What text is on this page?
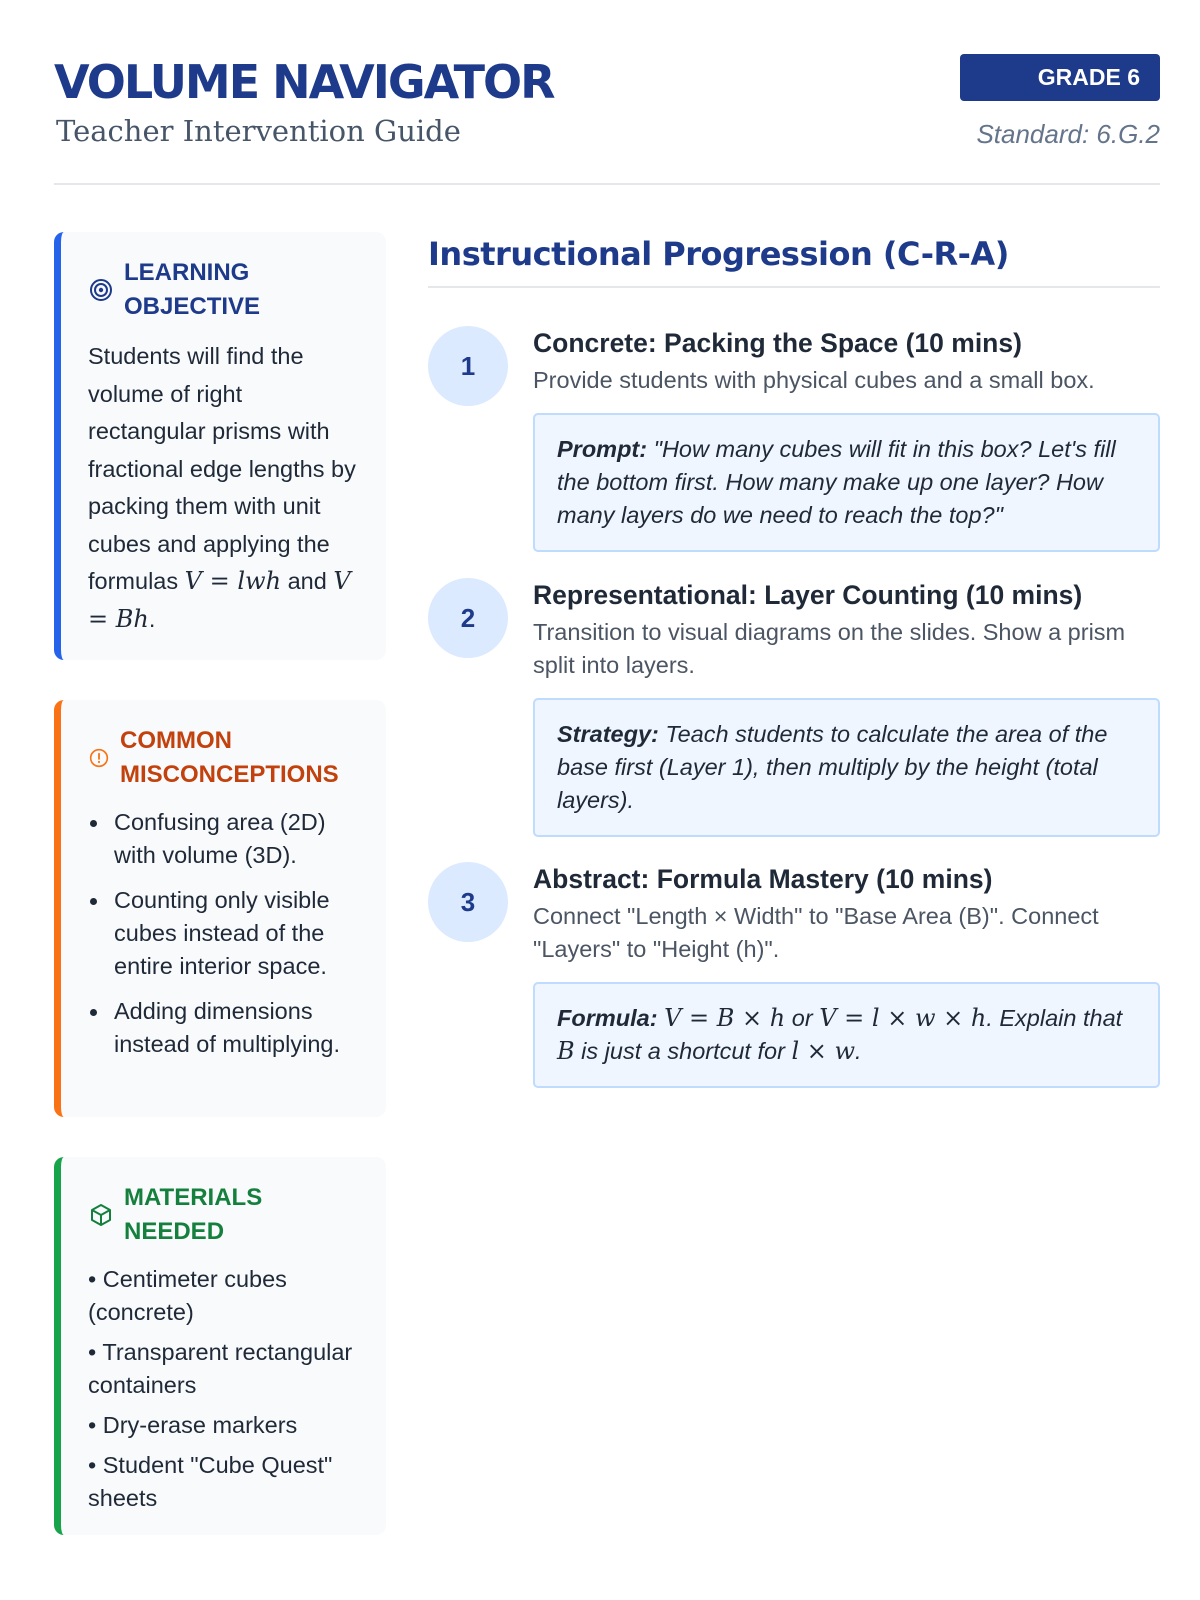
VOLUME NAVIGATOR
Teacher Intervention Guide
GRADE 6
Standard: 6.G.2
LEARNING OBJECTIVE
Students will find the volume of right rectangular prisms with fractional edge lengths by packing them with unit cubes and applying the formulas V = lwh and V = Bh.
COMMON MISCONCEPTIONS
Confusing area (2D) with volume (3D).
Counting only visible cubes instead of the entire interior space.
Adding dimensions instead of multiplying.
MATERIALS NEEDED
• Centimeter cubes (concrete)
• Transparent rectangular containers
• Dry-erase markers
• Student "Cube Quest" sheets
Instructional Progression (C-R-A)
1
Concrete: Packing the Space (10 mins)
Provide students with physical cubes and a small box.
Prompt: "How many cubes will fit in this box? Let's fill the bottom first. How many make up one layer? How many layers do we need to reach the top?"
2
Representational: Layer Counting (10 mins)
Transition to visual diagrams on the slides. Show a prism split into layers.
Strategy: Teach students to calculate the area of the base first (Layer 1), then multiply by the height (total layers).
3
Abstract: Formula Mastery (10 mins)
Connect "Length × Width" to "Base Area (B)". Connect "Layers" to "Height (h)".
Formula: V = B × h or V = l × w × h. Explain that B is just a shortcut for l × w.
